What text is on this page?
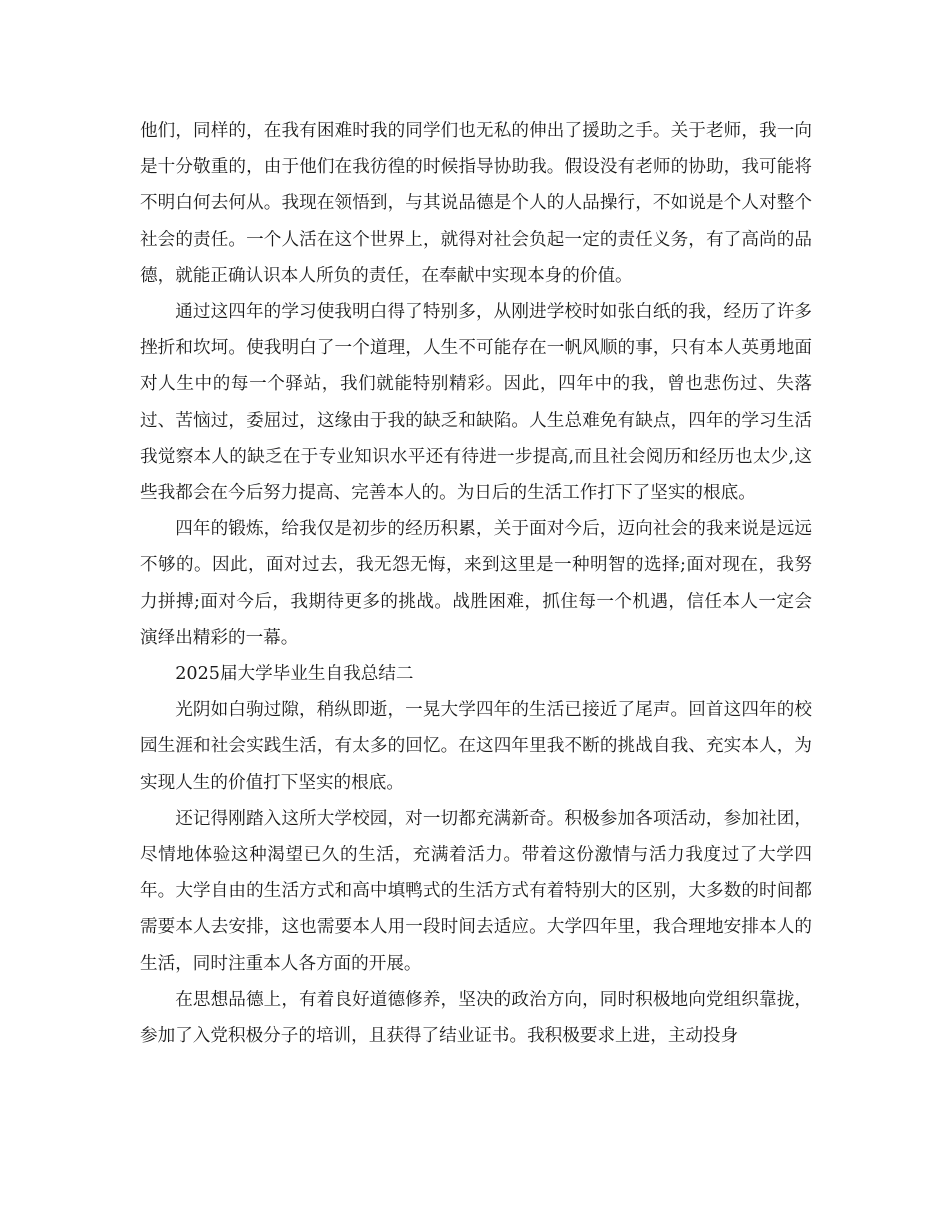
他们，同样的，在我有困难时我的同学们也无私的伸出了援助之手。关于老师，我一向是十分敬重的，由于他们在我彷徨的时候指导协助我。假设没有老师的协助，我可能将不明白何去何从。我现在领悟到，与其说品德是个人的人品操行，不如说是个人对整个社会的责任。一个人活在这个世界上，就得对社会负起一定的责任义务，有了高尚的品德，就能正确认识本人所负的责任，在奉献中实现本身的价值。

通过这四年的学习使我明白得了特别多，从刚进学校时如张白纸的我，经历了许多挫折和坎坷。使我明白了一个道理，人生不可能存在一帆风顺的事，只有本人英勇地面对人生中的每一个驿站，我们就能特别精彩。因此，四年中的我，曾也悲伤过、失落过、苦恼过，委屈过，这缘由于我的缺乏和缺陷。人生总难免有缺点，四年的学习生活我觉察本人的缺乏在于专业知识水平还有待进一步提高,而且社会阅历和经历也太少,这些我都会在今后努力提高、完善本人的。为日后的生活工作打下了坚实的根底。

四年的锻炼，给我仅是初步的经历积累，关于面对今后，迈向社会的我来说是远远不够的。因此，面对过去，我无怨无悔，来到这里是一种明智的选择;面对现在，我努力拼搏;面对今后，我期待更多的挑战。战胜困难，抓住每一个机遇，信任本人一定会演绎出精彩的一幕。

2025届大学毕业生自我总结二

光阴如白驹过隙，稍纵即逝，一晃大学四年的生活已接近了尾声。回首这四年的校园生涯和社会实践生活，有太多的回忆。在这四年里我不断的挑战自我、充实本人，为实现人生的价值打下坚实的根底。

还记得刚踏入这所大学校园，对一切都充满新奇。积极参加各项活动，参加社团，尽情地体验这种渴望已久的生活，充满着活力。带着这份激情与活力我度过了大学四年。大学自由的生活方式和高中填鸭式的生活方式有着特别大的区别，大多数的时间都需要本人去安排，这也需要本人用一段时间去适应。大学四年里，我合理地安排本人的生活，同时注重本人各方面的开展。

在思想品德上，有着良好道德修养，坚决的政治方向，同时积极地向党组织靠拢，参加了入党积极分子的培训，且获得了结业证书。我积极要求上进，主动投身
